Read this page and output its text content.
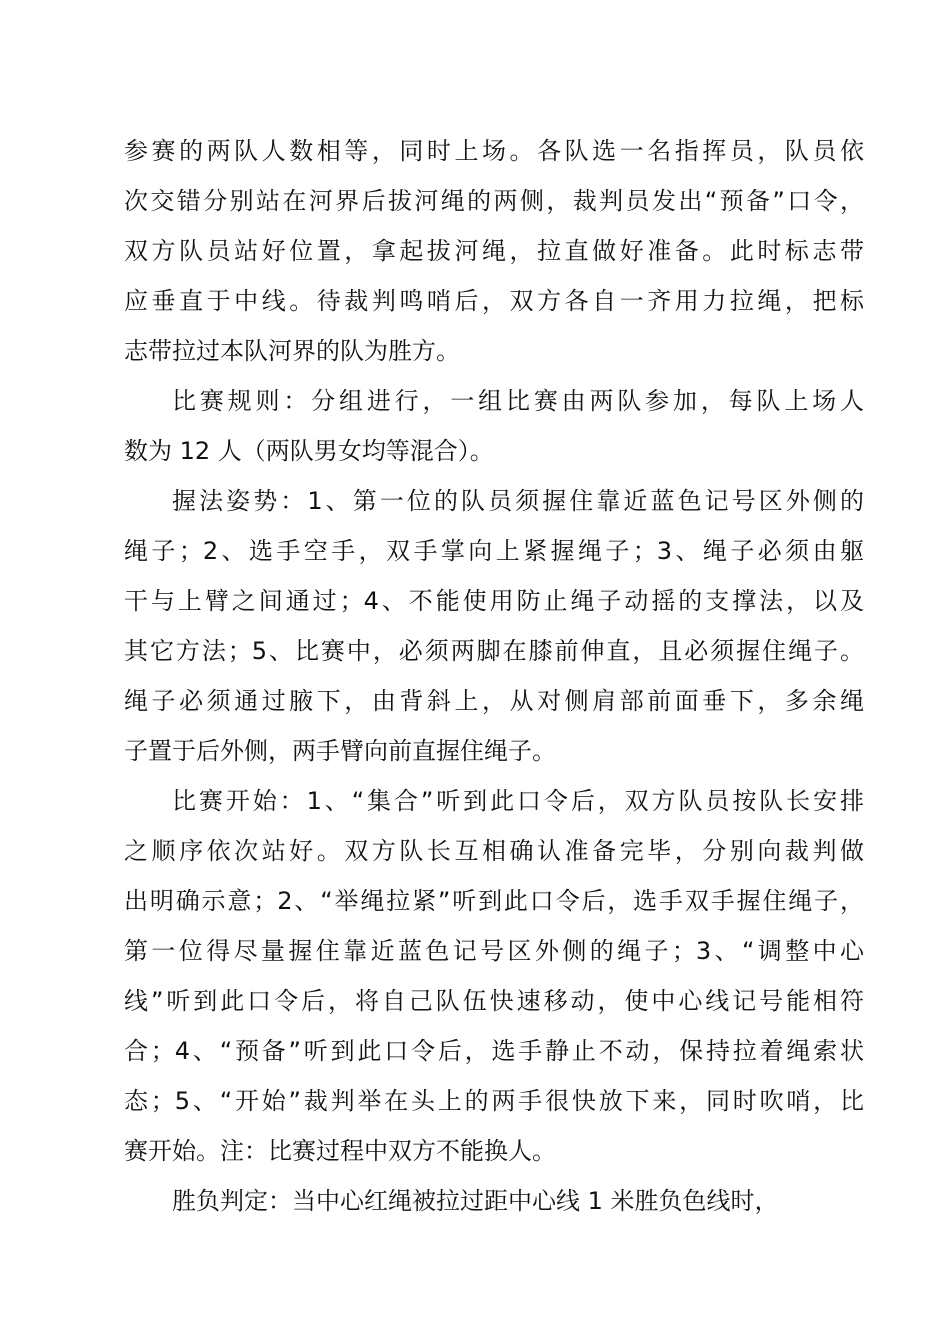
参赛的两队人数相等，同时上场。各队选一名指挥员，队员依
次交错分别站在河界后拔河绳的两侧，裁判员发出“预备”口令，
双方队员站好位置，拿起拔河绳，拉直做好准备。此时标志带
应垂直于中线。待裁判鸣哨后，双方各自一齐用力拉绳，把标
志带拉过本队河界的队为胜方。
比赛规则：分组进行，一组比赛由两队参加，每队上场人
数为 12 人（两队男女均等混合）。
握法姿势：1、第一位的队员须握住靠近蓝色记号区外侧的
绳子；2、选手空手，双手掌向上紧握绳子；3、绳子必须由躯
干与上臂之间通过；4、不能使用防止绳子动摇的支撑法，以及
其它方法；5、比赛中，必须两脚在膝前伸直，且必须握住绳子。
绳子必须通过腋下，由背斜上，从对侧肩部前面垂下，多余绳
子置于后外侧，两手臂向前直握住绳子。
比赛开始：1、“集合”听到此口令后，双方队员按队长安排
之顺序依次站好。双方队长互相确认准备完毕，分别向裁判做
出明确示意；2、“举绳拉紧”听到此口令后，选手双手握住绳子，
第一位得尽量握住靠近蓝色记号区外侧的绳子；3、“调整中心
线”听到此口令后，将自己队伍快速移动，使中心线记号能相符
合；4、“预备”听到此口令后，选手静止不动，保持拉着绳索状
态；5、“开始”裁判举在头上的两手很快放下来，同时吹哨，比
赛开始。注：比赛过程中双方不能换人。
胜负判定：当中心红绳被拉过距中心线 1 米胜负色线时，
